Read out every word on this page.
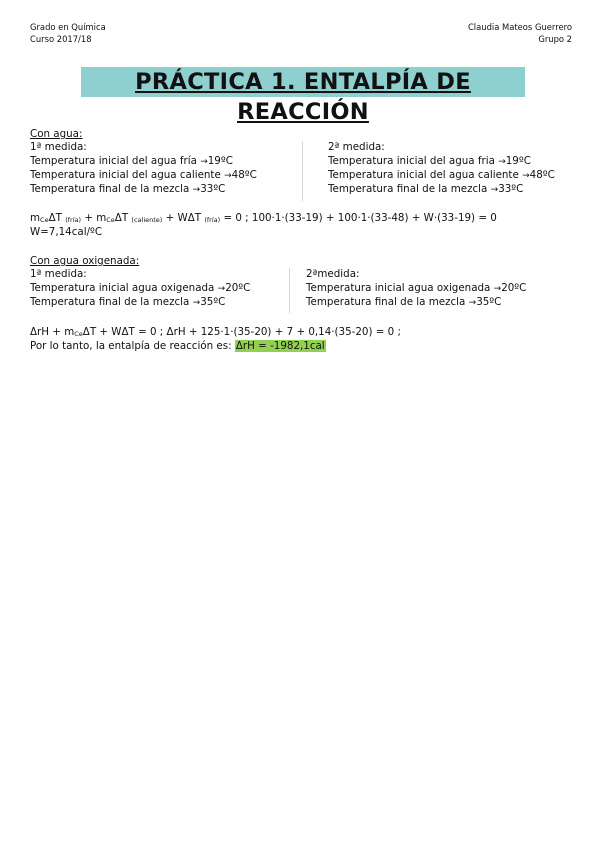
Grado en Química
Curso 2017/18
Claudia Mateos Guerrero
Grupo 2
PRÁCTICA 1. ENTALPÍA DE REACCIÓN
Con agua:
1ª medida:
Temperatura inicial del agua fría →19ºC
Temperatura inicial del agua caliente →48ºC
Temperatura final de la mezcla →33ºC
2ª medida:
Temperatura inicial del agua fria →19ºC
Temperatura inicial del agua caliente →48ºC
Temperatura final de la mezcla →33ºC
mCeΔT (fría) + mCeΔT (caliente) + WΔT (fría) = 0 ; 100·1·(33-19) + 100·1·(33-48) + W·(33-19) = 0
W=7,14cal/ºC
Con agua oxigenada:
1ª medida:
Temperatura inicial agua oxigenada →20ºC
Temperatura final de la mezcla →35ºC
2ªmedida:
Temperatura inicial agua oxigenada →20ºC
Temperatura final de la mezcla →35ºC
ΔrH + mCeΔT + WΔT = 0 ; ΔrH + 125·1·(35-20) + 7 + 0,14·(35-20) = 0 ;
Por lo tanto, la entalpía de reacción es: ΔrH = -1982,1cal
